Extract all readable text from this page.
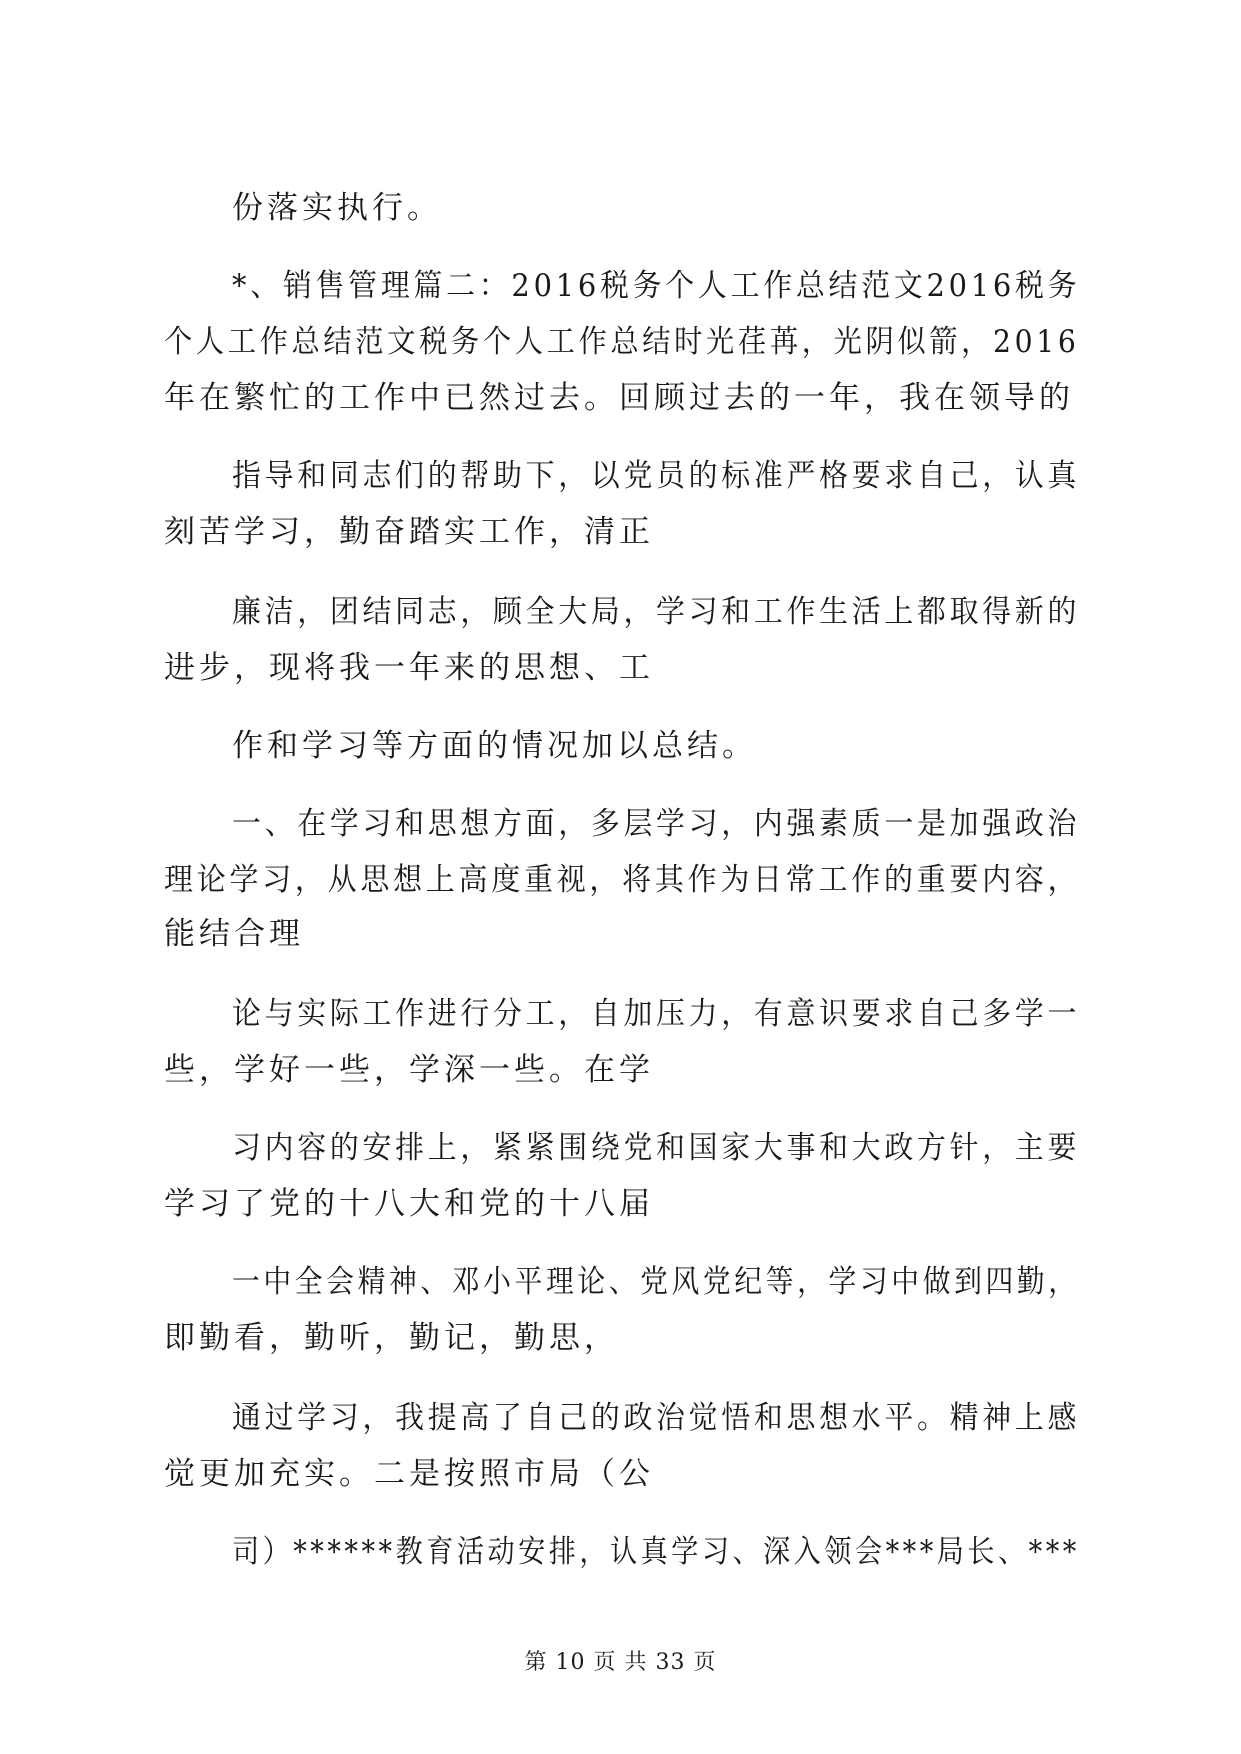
份落实执行。
*、销售管理篇二：2016税务个人工作总结范文2016税务
个人工作总结范文税务个人工作总结时光荏苒，光阴似箭，2016
年在繁忙的工作中已然过去。回顾过去的一年，我在领导的
指导和同志们的帮助下，以党员的标准严格要求自己，认真
刻苦学习，勤奋踏实工作，清正
廉洁，团结同志，顾全大局，学习和工作生活上都取得新的
进步，现将我一年来的思想、工
作和学习等方面的情况加以总结。
一、在学习和思想方面，多层学习，内强素质一是加强政治
理论学习，从思想上高度重视，将其作为日常工作的重要内容，
能结合理
论与实际工作进行分工，自加压力，有意识要求自己多学一
些，学好一些，学深一些。在学
习内容的安排上，紧紧围绕党和国家大事和大政方针，主要
学习了党的十八大和党的十八届
一中全会精神、邓小平理论、党风党纪等，学习中做到四勤，
即勤看，勤听，勤记，勤思，
通过学习，我提高了自己的政治觉悟和思想水平。精神上感
觉更加充实。二是按照市局（公
司）******教育活动安排，认真学习、深入领会***局长、***
第 10 页 共 33 页
